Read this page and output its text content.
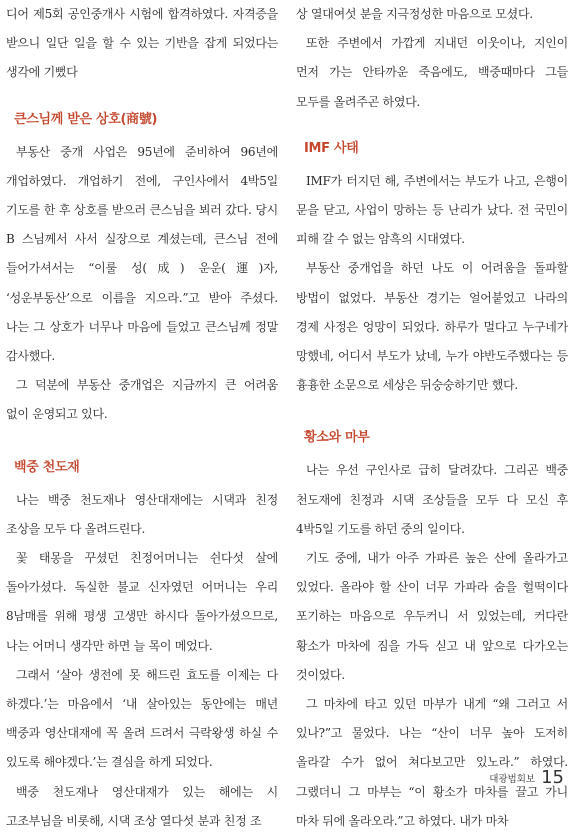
디어 제5회 공인중개사 시험에 합격하였다. 자격증을 받으니 일단 일을 할 수 있는 기반을 잡게 되었다는 생각에 기뻤다

큰스님께 받은 상호(商號)

부동산 중개 사업은 95년에 준비하여 96년에 개업하였다. 개업하기 전에, 구인사에서 4박5일 기도를 한 후 상호를 받으러 큰스님을 뵈러 갔다. 당시 B 스님께서 사서 실장으로 계셨는데, 큰스님 전에 들어가셔서는 “이룰 성(成) 운운(運)자, ‘성운부동산’으로 이름을 지으라.”고 받아 주셨다. 나는 그 상호가 너무나 마음에 들었고 큰스님께 정말 감사했다.

그 덕분에 부동산 중개업은 지금까지 큰 어려움 없이 운영되고 있다.

백중 천도재

나는 백중 천도재나 영산대재에는 시댁과 친정 조상을 모두 다 올려드린다.

꽃 태몽을 꾸셨던 친정어머니는 쉰다섯 살에 돌아가셨다. 독실한 불교 신자였던 어머니는 우리 8남매를 위해 평생 고생만 하시다 돌아가셨으므로, 나는 어머니 생각만 하면 늘 목이 메었다.

그래서 ‘살아 생전에 못 해드린 효도를 이제는 다 하겠다.’는 마음에서 ‘내 살아있는 동안에는 매년 백중과 영산대재에 꼭 올려 드려서 극락왕생 하실 수 있도록 해야겠다.’는 결심을 하게 되었다.

백중 천도재나 영산대재가 있는 해에는 시 고조부님을 비롯해, 시댁 조상 열다섯 분과 친정 조

상 열대여섯 분을 지극정성한 마음으로 모셨다.

또한 주변에서 가깝게 지내던 이웃이나, 지인이 먼저 가는 안타까운 죽음에도, 백중때마다 그들 모두를 올려주곤 하였다.

IMF 사태

IMF가 터지던 해, 주변에서는 부도가 나고, 은행이 문을 닫고, 사업이 망하는 등 난리가 났다. 전 국민이 피해 갈 수 없는 암흑의 시대였다.

부동산 중개업을 하던 나도 이 어려움을 돌파할 방법이 없었다. 부동산 경기는 얼어붙었고 나라의 경제 사정은 엉망이 되었다. 하루가 멀다고 누구네가 망했네, 어디서 부도가 났네, 누가 야반도주했다는 등 흉흉한 소문으로 세상은 뒤숭숭하기만 했다.

황소와 마부

나는 우선 구인사로 급히 달려갔다. 그리곤 백중 천도재에 친정과 시댁 조상들을 모두 다 모신 후 4박5일 기도를 하던 중의 일이다.

기도 중에, 내가 아주 가파른 높은 산에 올라가고 있었다. 올라야 할 산이 너무 가파라 숨을 헐떡이다 포기하는 마음으로 우두커니 서 있었는데, 커다란 황소가 마차에 짐을 가득 싣고 내 앞으로 다가오는 것이었다.

그 마차에 타고 있던 마부가 내게 “왜 그러고 서 있나?”고 물었다. 나는 “산이 너무 높아 도저히 올라갈 수가 없어 쳐다보고만 있노라.” 하였다. 그랬더니 그 마부는 “이 황소가 마차를 끌고 가니 마차 뒤에 올라오라.”고 하였다. 내가 마차

대광법회보 15
